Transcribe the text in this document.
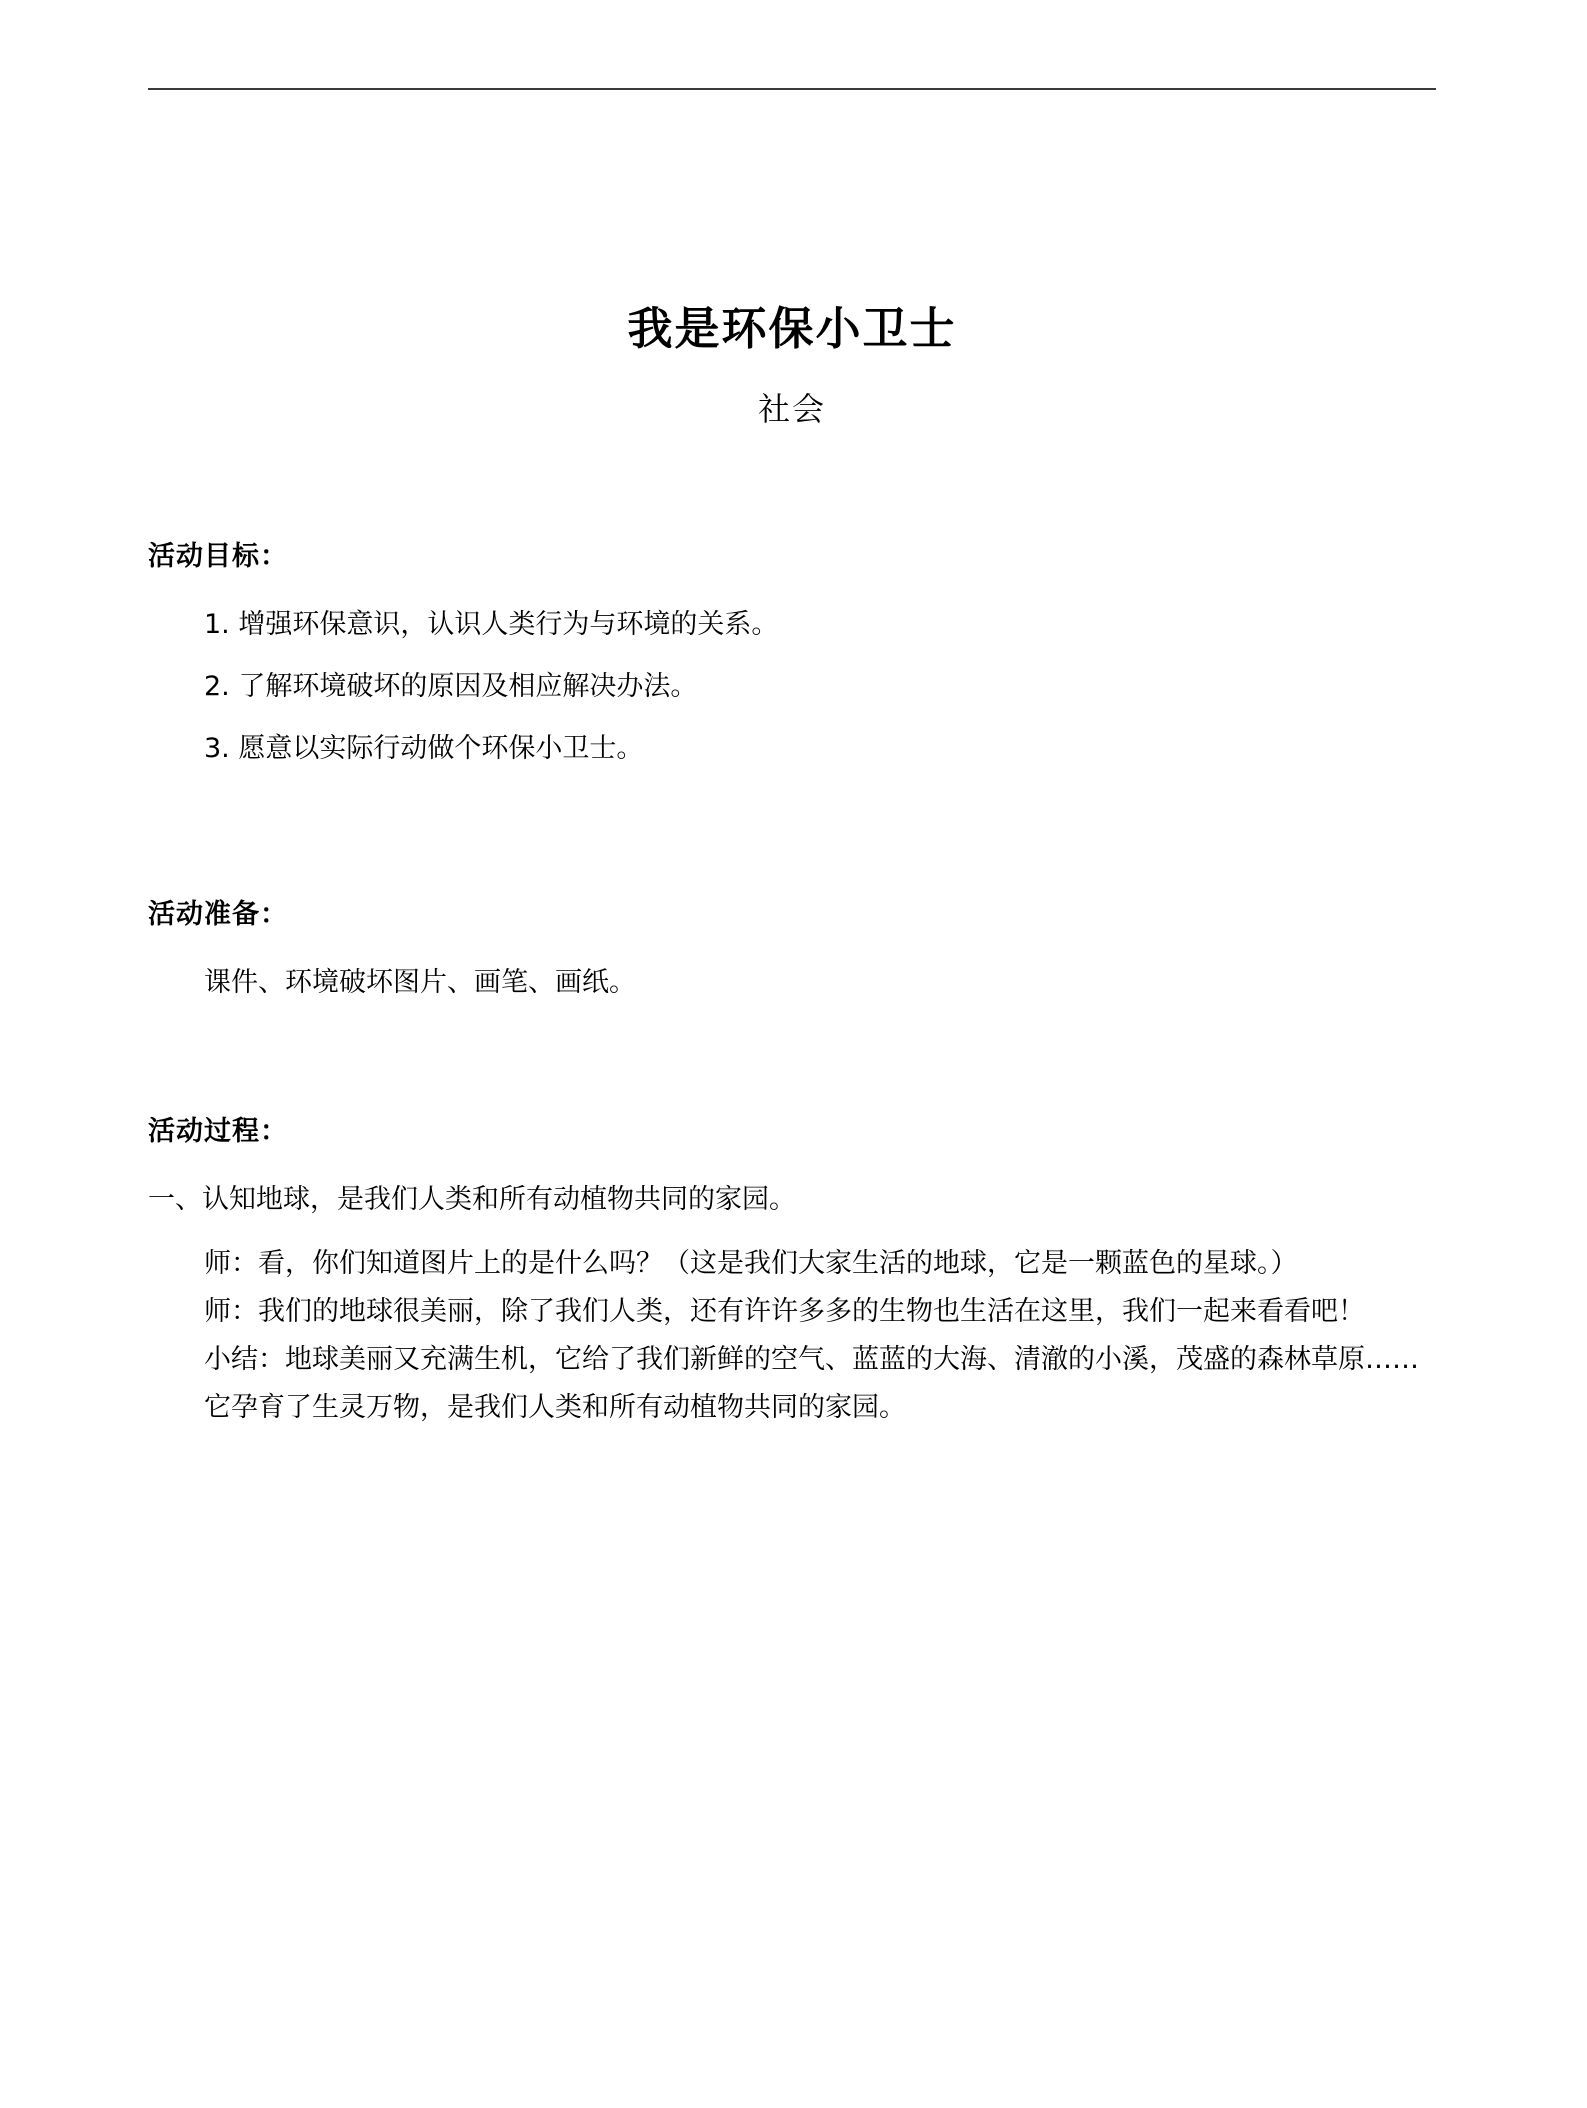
我是环保小卫士
社会

活动目标：

1. 增强环保意识，认识人类行为与环境的关系。

2. 了解环境破坏的原因及相应解决办法。

3. 愿意以实际行动做个环保小卫士。

活动准备：

课件、环境破坏图片、画笔、画纸。

活动过程：

一、认知地球，是我们人类和所有动植物共同的家园。

师：看，你们知道图片上的是什么吗？（这是我们大家生活的地球，它是一颗蓝色的星球。）

师：我们的地球很美丽，除了我们人类，还有许许多多的生物也生活在这里，我们一起来看看吧！

小结：地球美丽又充满生机，它给了我们新鲜的空气、蓝蓝的大海、清澈的小溪，茂盛的森林草原……它孕育了生灵万物，是我们人类和所有动植物共同的家园。
